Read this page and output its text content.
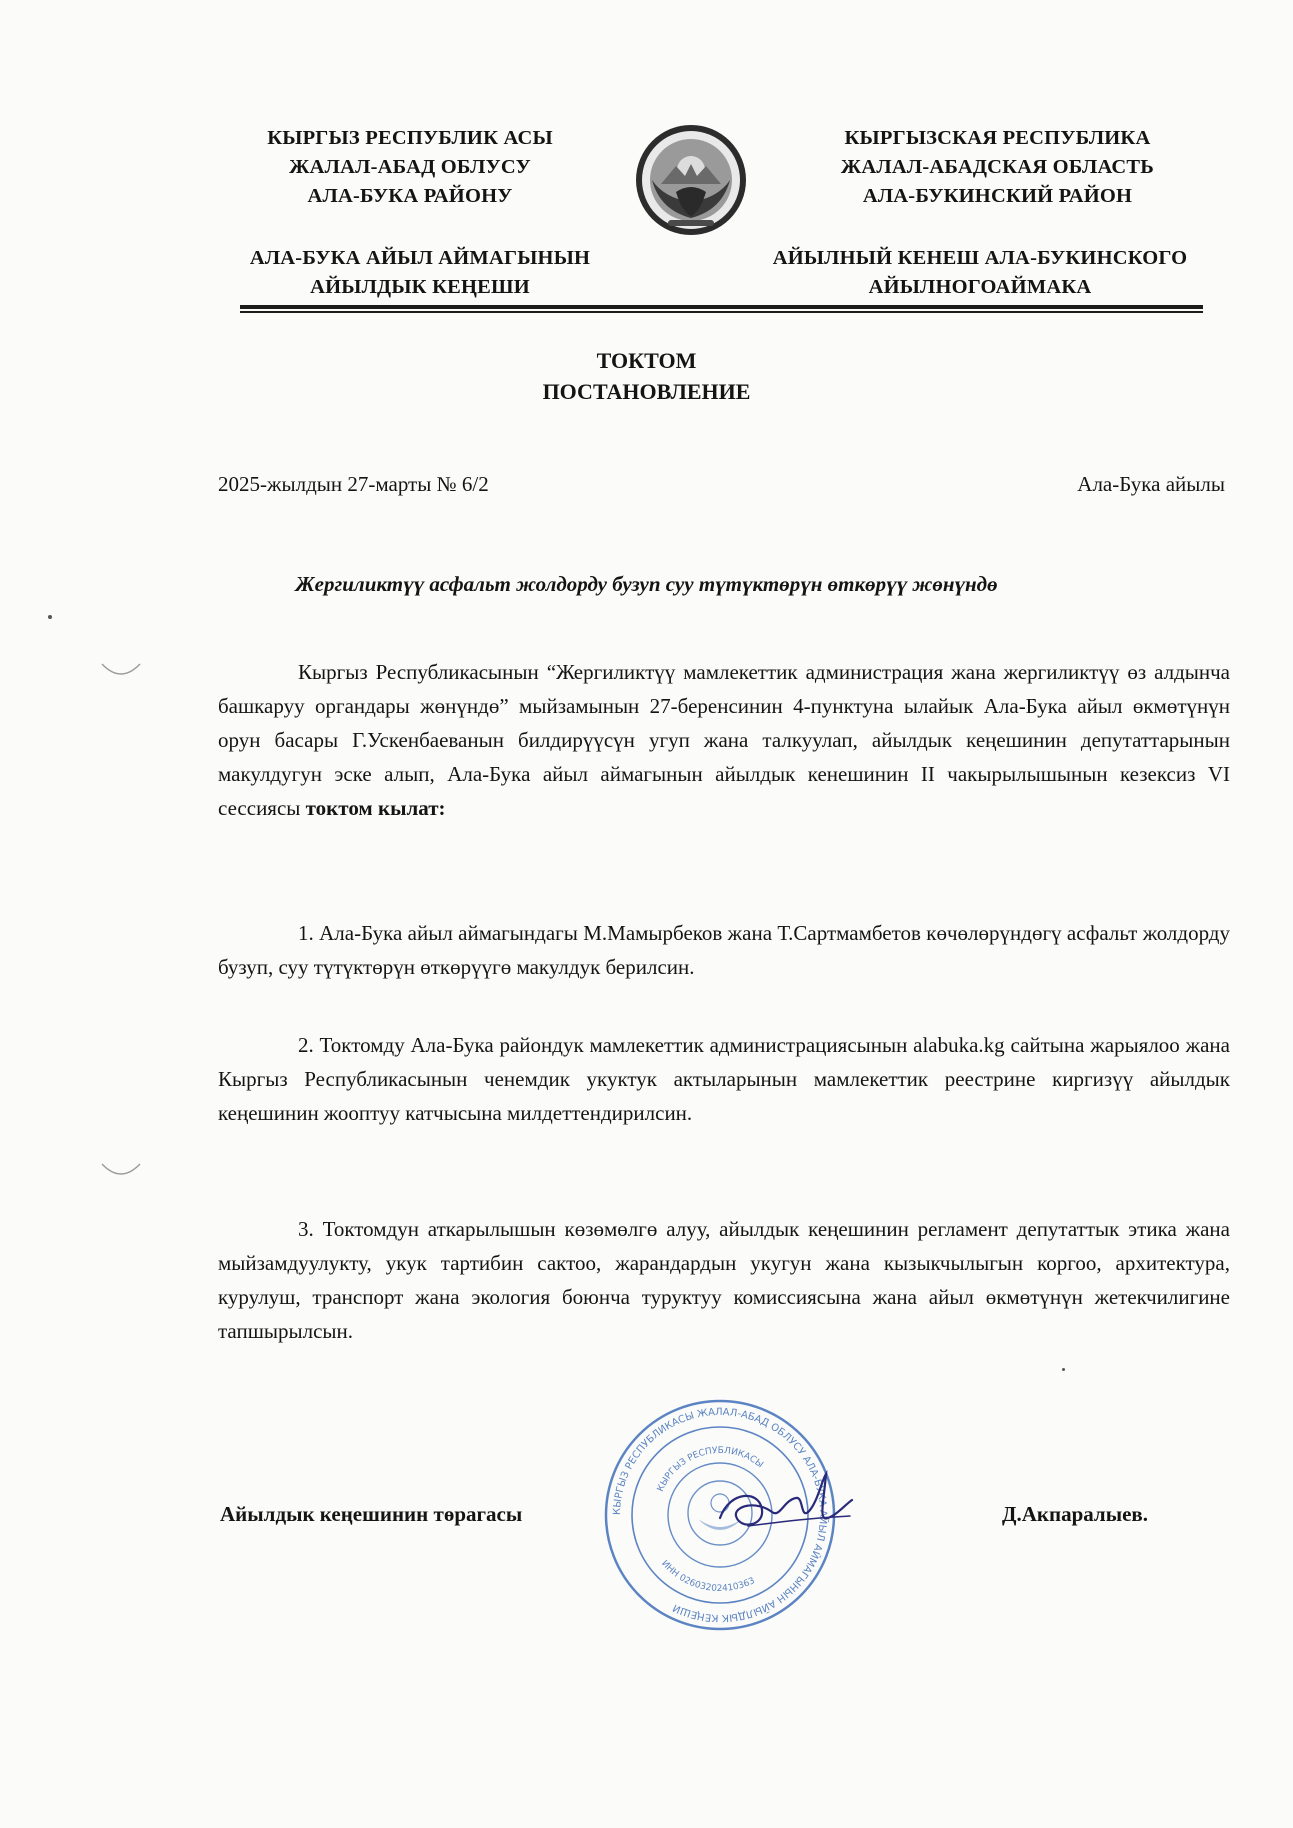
КЫРГЫЗ РЕСПУБЛИК АСЫ
ЖАЛАЛ-АБАД ОБЛУСУ
АЛА-БУКА РАЙОНУ
КЫРГЫЗСКАЯ РЕСПУБЛИКА
ЖАЛАЛ-АБАДСКАЯ ОБЛАСТЬ
АЛА-БУКИНСКИЙ РАЙОН
АЛА-БУКА АЙЫЛ АЙМАГЫНЫН
АЙЫЛДЫК КЕҢЕШИ
АЙЫЛНЫЙ КЕНЕШ АЛА-БУКИНСКОГО
АЙЫЛНОГОАЙМАКА
ТОКТОМ
ПОСТАНОВЛЕНИЕ
2025-жылдын 27-марты № 6/2	Ала-Бука айылы
Жергиликтүү асфальт жолдорду бузуп суу түтүктөрүн өткөрүү жөнүндө

Кыргыз Республикасынын “Жергиликтүү мамлекеттик администрация жана жергиликтүү өз алдынча башкаруу органдары жөнүндө” мыйзамынын 27-беренсинин 4-пунктуна ылайык Ала-Бука айыл өкмөтүнүн орун басары Г.Ускенбаеванын билдирүүсүн угуп жана талкуулап, айылдык кеңешинин депутаттарынын макулдугун эске алып, Ала-Бука айыл аймагынын айылдык кенешинин II чакырылышынын кезексиз VI сессиясы токтом кылат:

1. Ала-Бука айыл аймагындагы М.Мамырбеков жана Т.Сартмамбетов көчөлөрүндөгү асфальт жолдорду бузуп, суу түтүктөрүн өткөрүүгө макулдук берилсин.

2. Токтомду Ала-Бука райондук мамлекеттик администрациясынын alabuka.kg сайтына жарыялоо жана Кыргыз Республикасынын ченемдик укуктук актыларынын мамлекеттик реестрине киргизүү айылдык кеңешинин жооптуу катчысына милдеттендирилсин.

3. Токтомдун аткарылышын көзөмөлгө алуу, айылдык кеңешинин регламент депутаттык этика жана мыйзамдуулукту, укук тартибин сактоо, жарандардын укугун жана кызыкчылыгын коргоо, архитектура, курулуш, транспорт жана экология боюнча туруктуу комиссиясына жана айыл өкмөтүнүн жетекчилигине тапшырылсын.

КЫРГЫЗ РЕСПУБЛИКАСЫ ЖАЛАЛ-АБАД ОБЛУСУ АЛА-БУКА АЙЫЛ АЙМАГЫНЫН АЙЫЛДЫК КЕҢЕШИ
КЫРГЫЗ РЕСПУБЛИКАСЫ
ИНН 02603202410363
Айылдык кеңешинин төрагасы	Д.Акпаралыев.
